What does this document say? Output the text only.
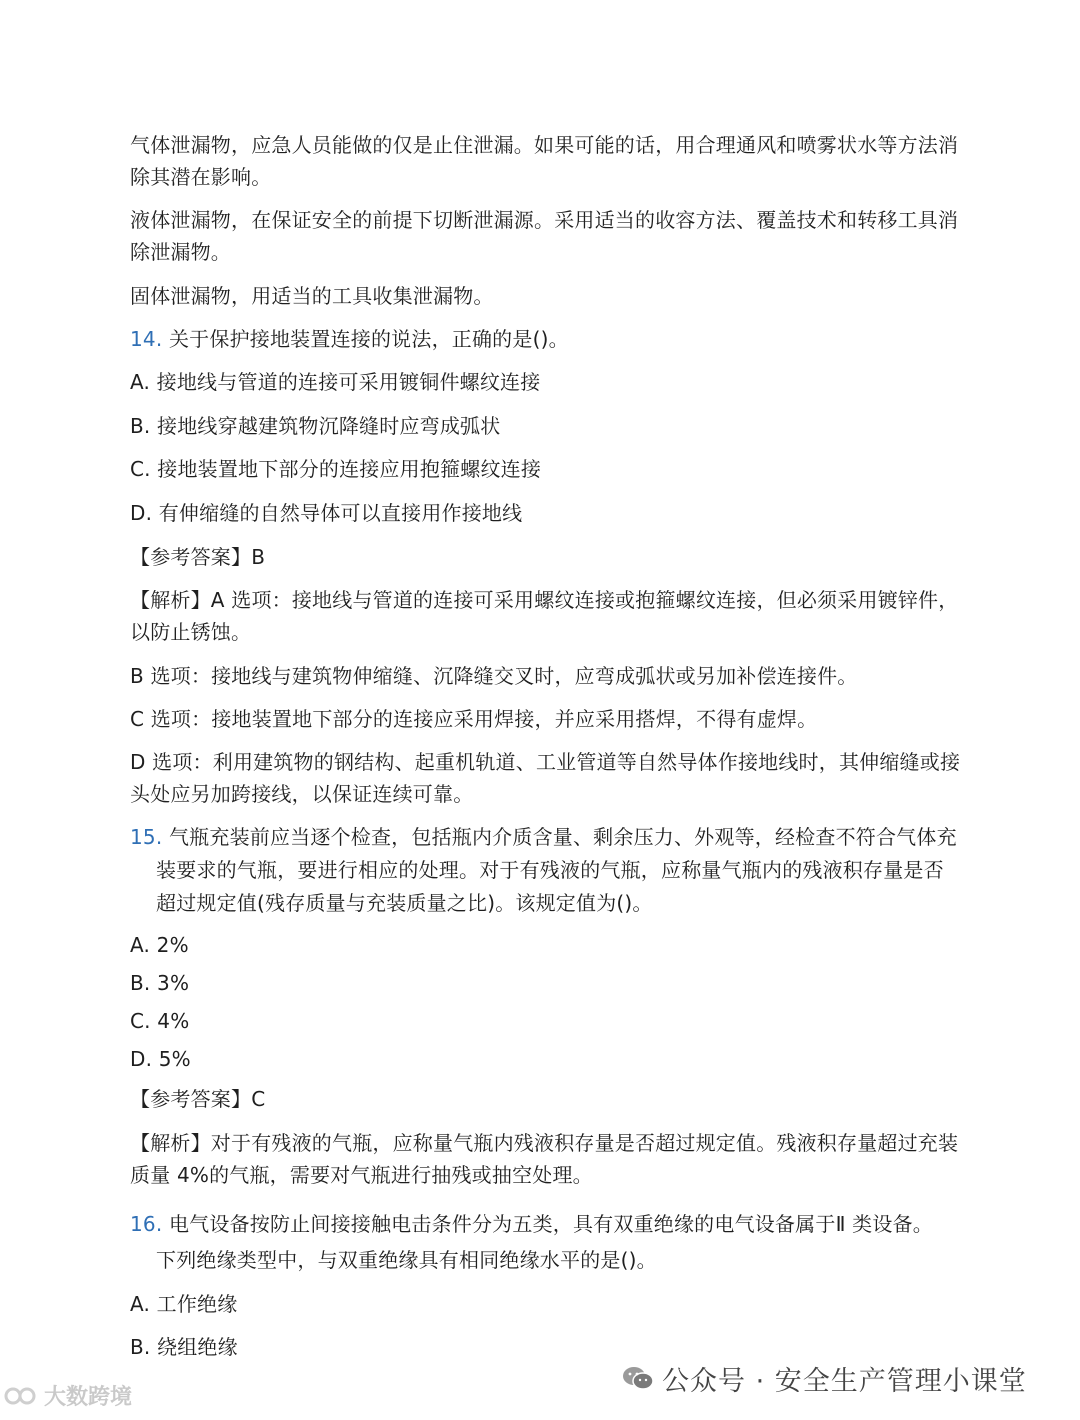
气体泄漏物，应急人员能做的仅是止住泄漏。如果可能的话，用合理通风和喷雾状水等方法消
除其潜在影响。
液体泄漏物，在保证安全的前提下切断泄漏源。采用适当的收容方法、覆盖技术和转移工具消
除泄漏物。
固体泄漏物，用适当的工具收集泄漏物。
14. 关于保护接地装置连接的说法，正确的是()。
A. 接地线与管道的连接可采用镀铜件螺纹连接
B. 接地线穿越建筑物沉降缝时应弯成弧状
C. 接地装置地下部分的连接应用抱箍螺纹连接
D. 有伸缩缝的自然导体可以直接用作接地线
【参考答案】B
【解析】A 选项：接地线与管道的连接可采用螺纹连接或抱箍螺纹连接，但必须采用镀锌件，
以防止锈蚀。
B 选项：接地线与建筑物伸缩缝、沉降缝交叉时，应弯成弧状或另加补偿连接件。
C 选项：接地装置地下部分的连接应采用焊接，并应采用搭焊，不得有虚焊。
D 选项：利用建筑物的钢结构、起重机轨道、工业管道等自然导体作接地线时，其伸缩缝或接
头处应另加跨接线，以保证连续可靠。
15. 气瓶充装前应当逐个检查，包括瓶内介质含量、剩余压力、外观等，经检查不符合气体充
装要求的气瓶，要进行相应的处理。对于有残液的气瓶，应称量气瓶内的残液积存量是否
超过规定值(残存质量与充装质量之比)。该规定值为()。
A. 2%
B. 3%
C. 4%
D. 5%
【参考答案】C
【解析】对于有残液的气瓶，应称量气瓶内残液积存量是否超过规定值。残液积存量超过充装
质量 4%的气瓶，需要对气瓶进行抽残或抽空处理。
16. 电气设备按防止间接接触电击条件分为五类，具有双重绝缘的电气设备属于Ⅱ 类设备。
下列绝缘类型中，与双重绝缘具有相同绝缘水平的是()。
A. 工作绝缘
B. 绕组绝缘
公众号 · 安全生产管理小课堂
大数跨境
